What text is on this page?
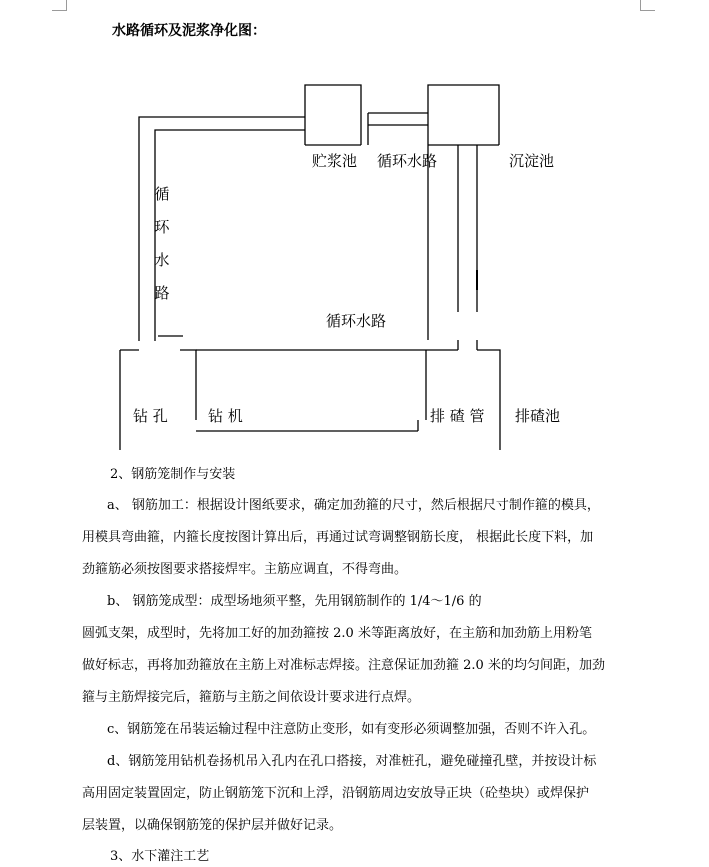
水路循环及泥浆净化图：
贮浆池 循环水路	沉淀池
循
环
水
路
循环水路
钻 孔	钻 机	排 碴 管 排碴池
2、钢筋笼制作与安装
a、 钢筋加工：根据设计图纸要求，确定加劲箍的尺寸，然后根据尺寸制作箍的模具，
用模具弯曲箍，内箍长度按图计算出后，再通过试弯调整钢筋长度， 根据此长度下料，加
劲箍筋必须按图要求搭接焊牢。主筋应调直，不得弯曲。
b、 钢筋笼成型：成型场地须平整，先用钢筋制作的 1/4～1/6 的
圆弧支架，成型时，先将加工好的加劲箍按 2.0 米等距离放好，在主筋和加劲筋上用粉笔
做好标志，再将加劲箍放在主筋上对准标志焊接。注意保证加劲箍 2.0 米的均匀间距，加劲
箍与主筋焊接完后，箍筋与主筋之间依设计要求进行点焊。
c、钢筋笼在吊装运输过程中注意防止变形，如有变形必须调整加强，否则不许入孔。
d、钢筋笼用钻机卷扬机吊入孔内在孔口搭接，对准桩孔，避免碰撞孔壁，并按设计标
高用固定装置固定，防止钢筋笼下沉和上浮，沿钢筋周边安放导正块（砼垫块）或焊保护
层装置，以确保钢筋笼的保护层并做好记录。
3、水下灌注工艺
